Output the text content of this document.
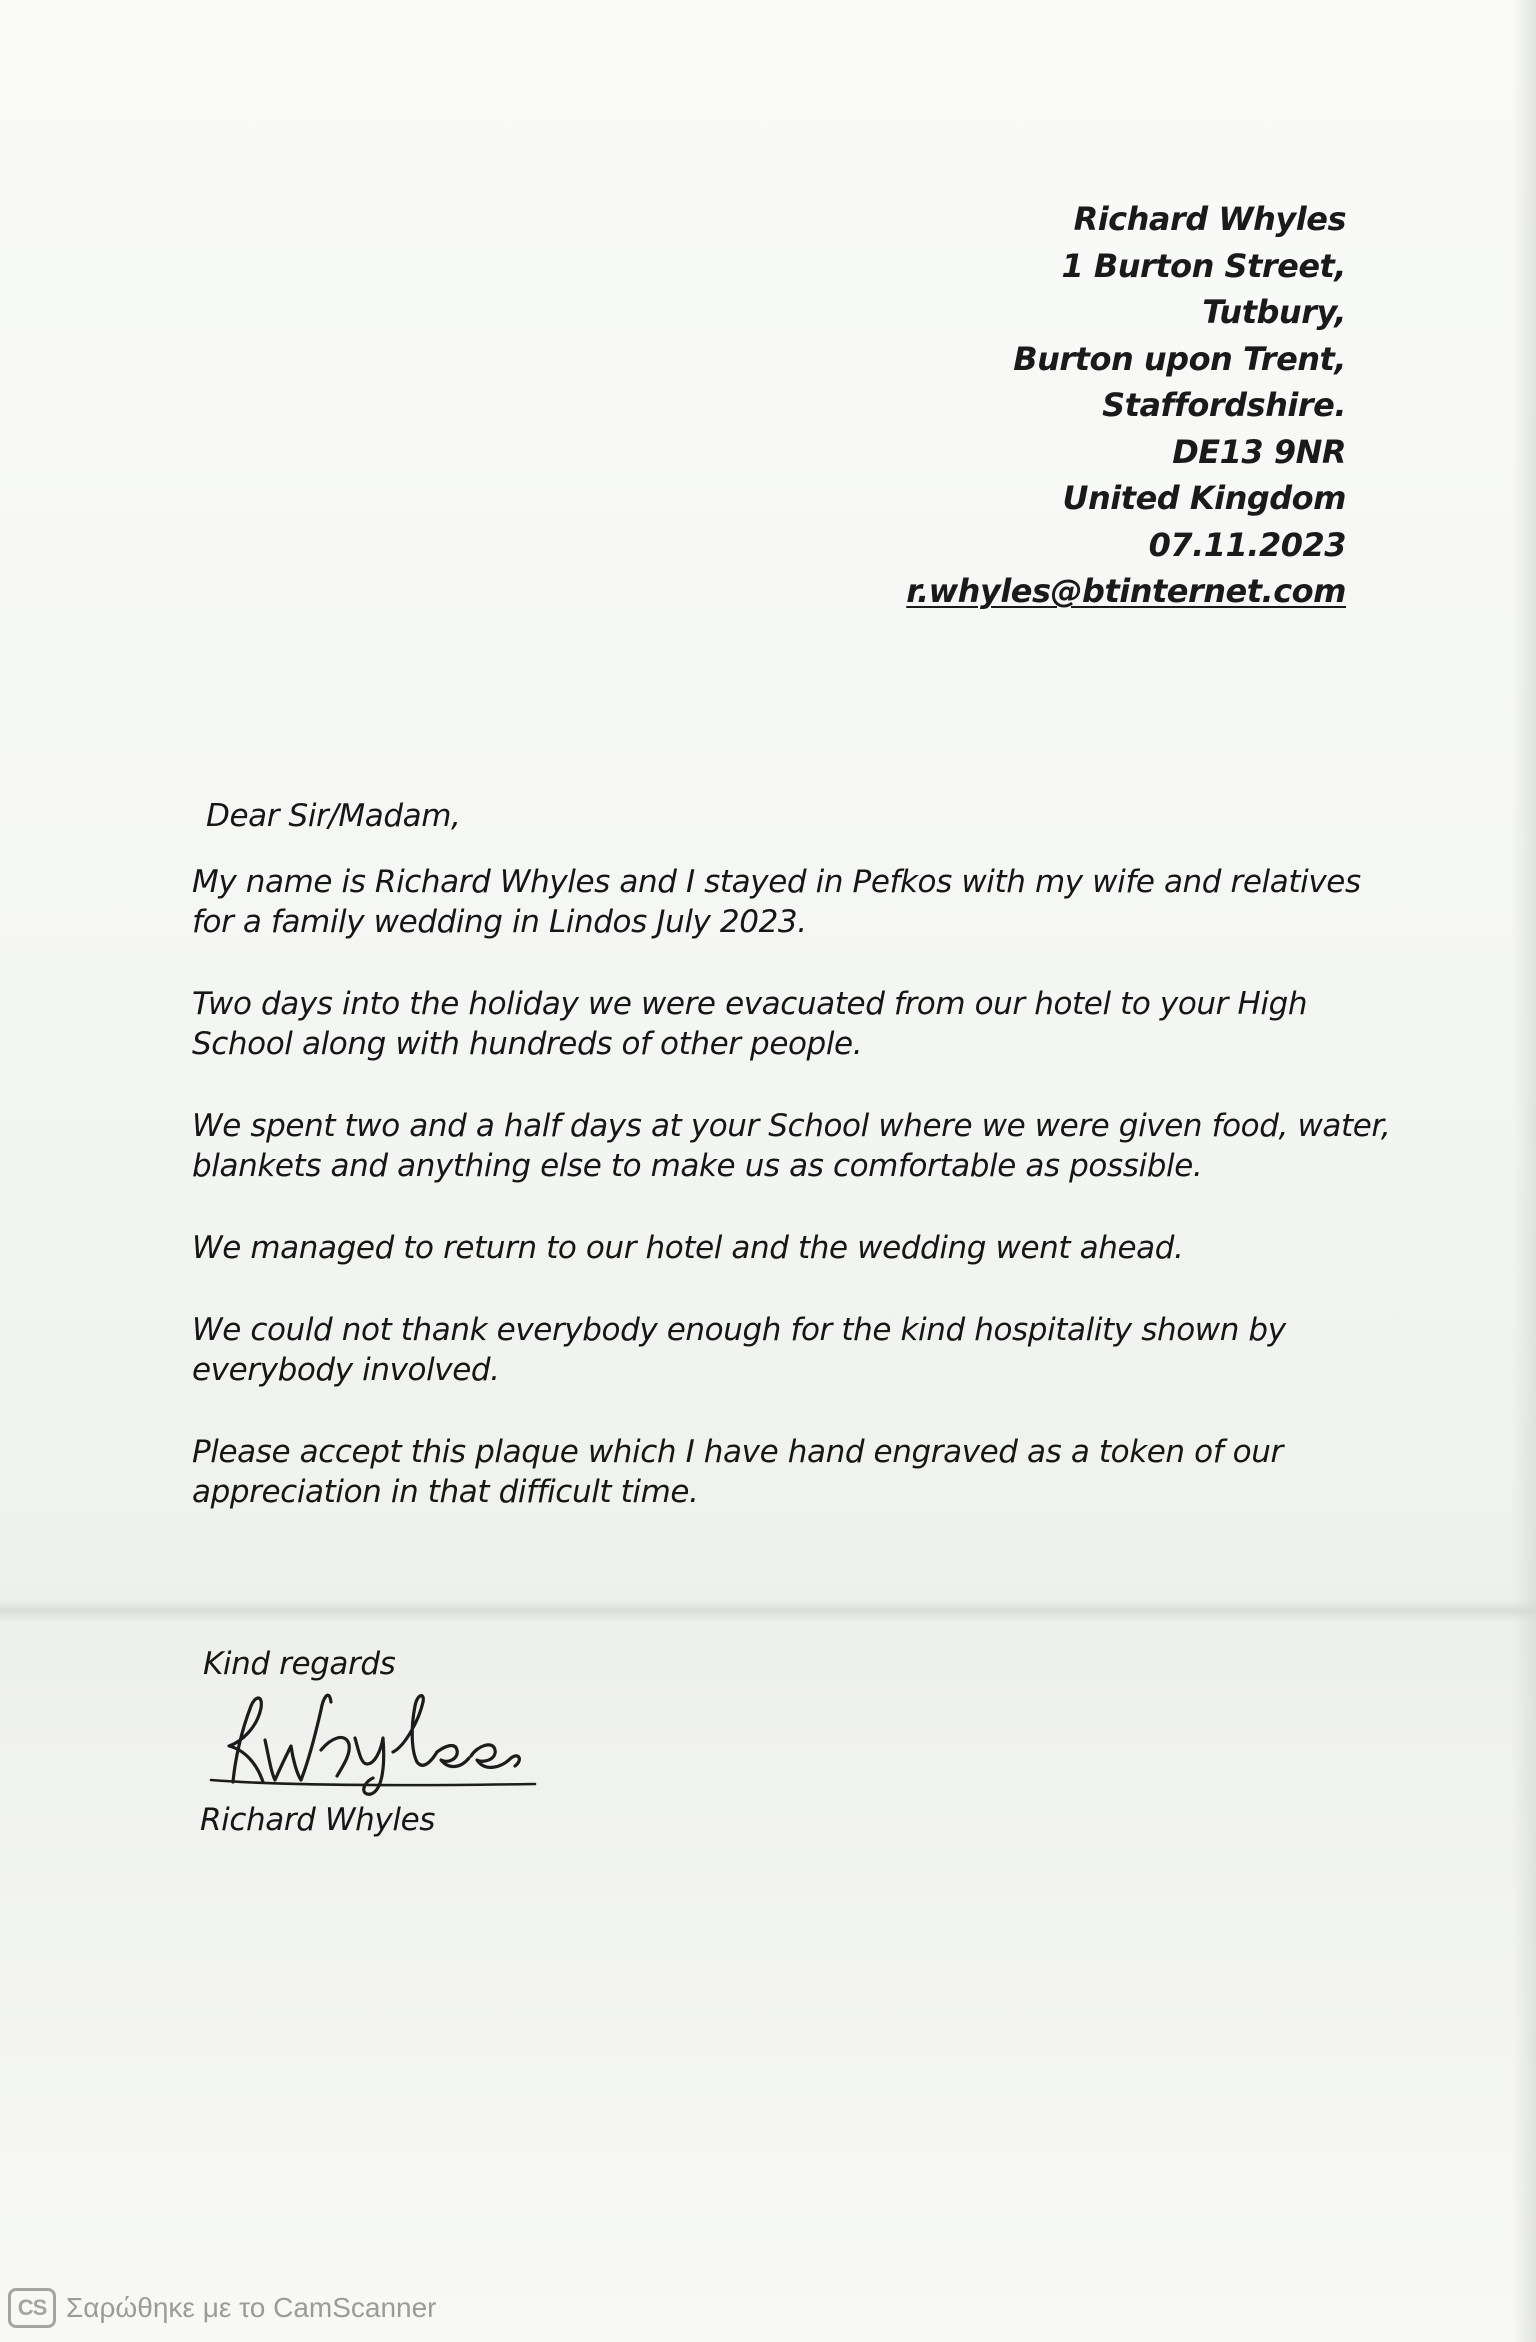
Richard Whyles
1 Burton Street,
Tutbury,
Burton upon Trent,
Staffordshire.
DE13 9NR
United Kingdom
07.11.2023
r.whyles@btinternet.com

Dear Sir/Madam,

My name is Richard Whyles and I stayed in Pefkos with my wife and relatives
for a family wedding in Lindos July 2023.

Two days into the holiday we were evacuated from our hotel to your High
School along with hundreds of other people.

We spent two and a half days at your School where we were given food, water,
blankets and anything else to make us as comfortable as possible.

We managed to return to our hotel and the wedding went ahead.

We could not thank everybody enough for the kind hospitality shown by
everybody involved.

Please accept this plaque which I have hand engraved as a token of our
appreciation in that difficult time.

Kind regards
Richard Whyles
CS Σαρώθηκε με το CamScanner
